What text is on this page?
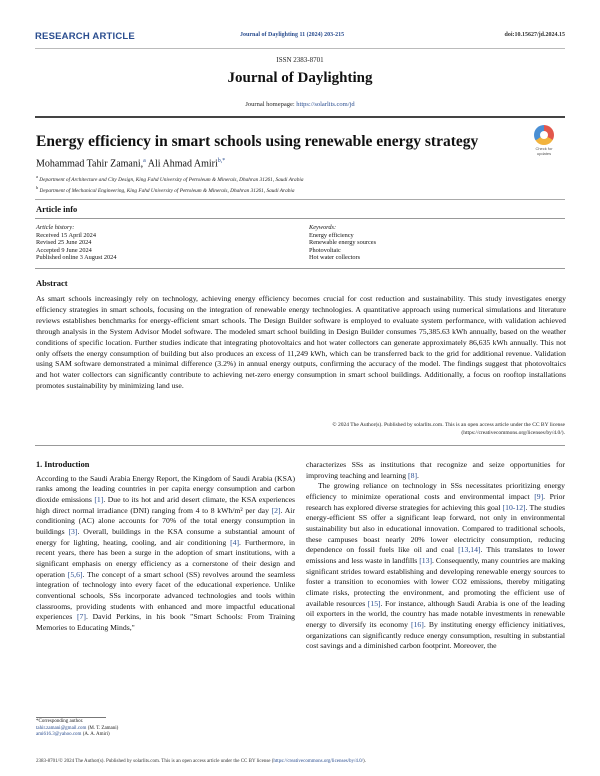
RESEARCH ARTICLE	Journal of Daylighting 11 (2024) 203-215	doi:10.15627/jd.2024.15
ISSN 2383-8701
Journal of Daylighting
Journal homepage: https://solarlits.com/jd
Energy efficiency in smart schools using renewable energy strategy	Check for updates
Mohammad Tahir Zamani,$^a$ Ali Ahmad Amiri$^{b,*}$
$^a$ Department of Architecture and City Design, King Fahd University of Petroleum & Minerals, Dhahran 31261, Saudi Arabia
$^b$ Department of Mechanical Engineering, King Fahd University of Petroleum & Minerals, Dhahran 31261, Saudi Arabia
Article info
Article history:
Received 15 April 2024
Revised 25 June 2024
Accepted 9 June 2024
Published online 3 August 2024
Keywords:
Energy efficiency
Renewable energy sources
Photovoltaic
Hot water collectors
Abstract
As smart schools increasingly rely on technology, achieving energy efficiency becomes crucial for cost reduction and sustainability. This study investigates energy efficiency strategies in smart schools, focusing on the integration of renewable energy technologies. A quantitative approach using numerical simulations and literature reviews establishes benchmarks for energy-efficient smart schools. The Design Builder software is employed to evaluate system performance, with validation achieved through analysis in the System Advisor Model software. The modeled smart school building in Design Builder consumes 75,385.63 kWh annually, based on the weather conditions of specific location. Further studies indicate that integrating photovoltaics and hot water collectors can generate approximately 86,635 kWh annually. This not only offsets the energy consumption of building but also produces an excess of 11,249 kWh, which can be transferred back to the grid for additional revenue. Validation using SAM software demonstrated a minimal difference (3.2%) in annual energy outputs, confirming the accuracy of the model. The findings suggest that photovoltaics and hot water collectors can significantly contribute to achieving net-zero energy consumption in smart school buildings. Additionally, a focus on rooftop installations promotes sustainability by minimizing land use.
© 2024 The Author(s). Published by solarlits.com. This is an open access article under the CC BY license
(https://creativecommons.org/licenses/by/4.0/).
1. Introduction

According to the Saudi Arabia Energy Report, the Kingdom of Saudi Arabia (KSA) ranks among the leading countries in per capita energy consumption and carbon dioxide emissions [1]. Due to its hot and arid desert climate, the KSA experiences high direct normal irradiance (DNI) ranging from 4 to 8 kWh/m² per day [2]. Air conditioning (AC) alone accounts for 70% of the total energy consumption in buildings [3]. Overall, buildings in the KSA consume a substantial amount of energy for lighting, heating, cooling, and air conditioning [4]. Furthermore, in recent years, there has been a surge in the adoption of smart institutions, with a significant emphasis on energy efficiency as a cornerstone of their design and operation [5,6]. The concept of a smart school (SS) revolves around the seamless integration of technology into every facet of the educational experience. Unlike conventional schools, SSs incorporate advanced technologies and tools within classrooms, providing students with enhanced and more impactful educational experiences [7]. David Perkins, in his book "Smart Schools: From Training Memories to Educating Minds,"

characterizes SSs as institutions that recognize and seize opportunities for improving teaching and learning [8].

The growing reliance on technology in SSs necessitates prioritizing energy efficiency to minimize operational costs and environmental impact [9]. Prior research has explored diverse strategies for achieving this goal [10-12]. The studies energy-efficient SS offer a significant leap forward, not only in environmental sustainability but also in educational innovation. Compared to traditional schools, these campuses boast nearly 20% lower electricity consumption, reducing dependence on fossil fuels like oil and coal [13,14]. This translates to lower emissions and less waste in landfills [13]. Consequently, many countries are making significant strides toward establishing and developing renewable energy sources to foster a transition to economies with lower CO2 emissions, thereby mitigating climate risks, protecting the environment, and promoting the efficient use of available resources [15]. For instance, although Saudi Arabia is one of the leading oil exporters in the world, the country has made notable investments in renewable energy to diversify its economy [16]. By instituting energy efficiency initiatives, organizations can significantly reduce energy consumption, resulting in substantial cost savings and a diminished carbon footprint. Moreover, the

*Corresponding author.
tahir.zamani@gmail.com (M. T. Zamani)
ami616.3@yahoo.com (A. A. Amiri)
2383-8701/© 2024 The Author(s). Published by solarlits.com. This is an open access article under the CC BY license (https://creativecommons.org/licenses/by/4.0/).
